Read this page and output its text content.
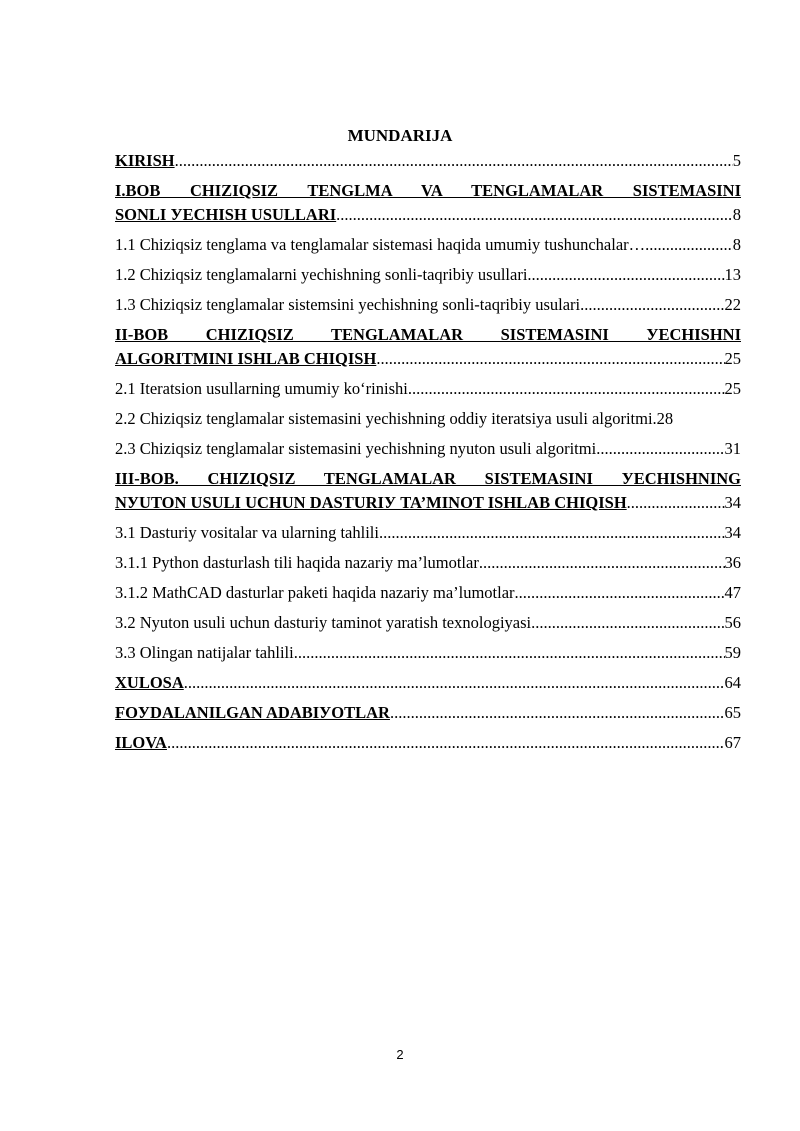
MUNDARIJA
KIRISH .....	5
I.BOB CHIZIQSIZ TENGLMA VA TENGLAMALAR SISTEMASINI
SONLI УECHISH USULLARI .....	8
1.1 Chiziqsiz tenglama va tenglamalar sistemasi haqida umumiy tushunchalar… .....	8
1.2 Chiziqsiz tenglamalarni yechishning sonli-taqribiy usullari .....	13
1.3 Chiziqsiz tenglamalar sistemsini yechishning sonli-taqribiy usulari .....	22
II-BOB CHIZIQSIZ TENGLAMALAR SISTEMASINI УECHISHNI
ALGORITMINI ISHLAB CHIQISH .....	25
2.1 Iteratsion usullarning umumiy ko‘rinishi .....	25
2.2 Chiziqsiz tenglamalar sistemasini yechishning oddiy iteratsiya usuli algoritmi. 28
2.3 Chiziqsiz tenglamalar sistemasini yechishning nyuton usuli algoritmi .....	31
III-BOB. CHIZIQSIZ TENGLAMALAR SISTEMASINI УECHISHNING
NУUTON USULI UCHUN DASTURIУ TA’MINOT ISHLAB CHIQISH .....	34
3.1 Dasturiy vositalar va ularning tahlili .....	34
3.1.1 Python dasturlash tili haqida nazariy ma’lumotlar .....	36
3.1.2 MathCAD dasturlar paketi haqida nazariy ma’lumotlar .....	47
3.2 Nyuton usuli uchun dasturiy taminot yaratish texnologiyasi .....	56
3.3 Olingan natijalar tahlili .....	59
XULOSA .....	64
FOУDALANILGAN ADABIУOTLAR .....	65
ILOVA .....	67
2
